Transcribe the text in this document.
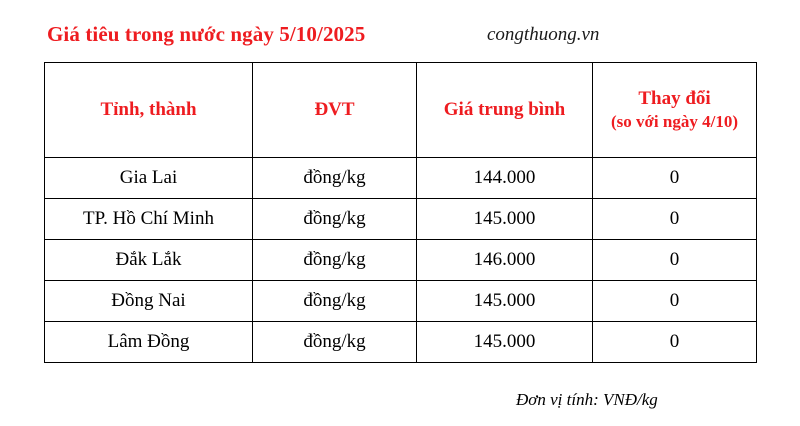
Giá tiêu trong nước ngày 5/10/2025	congthuong.vn
Tỉnh, thành	ĐVT	Giá trung bình	Thay đổi
(so với ngày 4/10)

Gia Lai	đồng/kg	144.000	0
TP. Hồ Chí Minh	đồng/kg	145.000	0
Đắk Lắk	đồng/kg	146.000	0
Đồng Nai	đồng/kg	145.000	0
Lâm Đồng	đồng/kg	145.000	0
Đơn vị tính: VNĐ/kg
